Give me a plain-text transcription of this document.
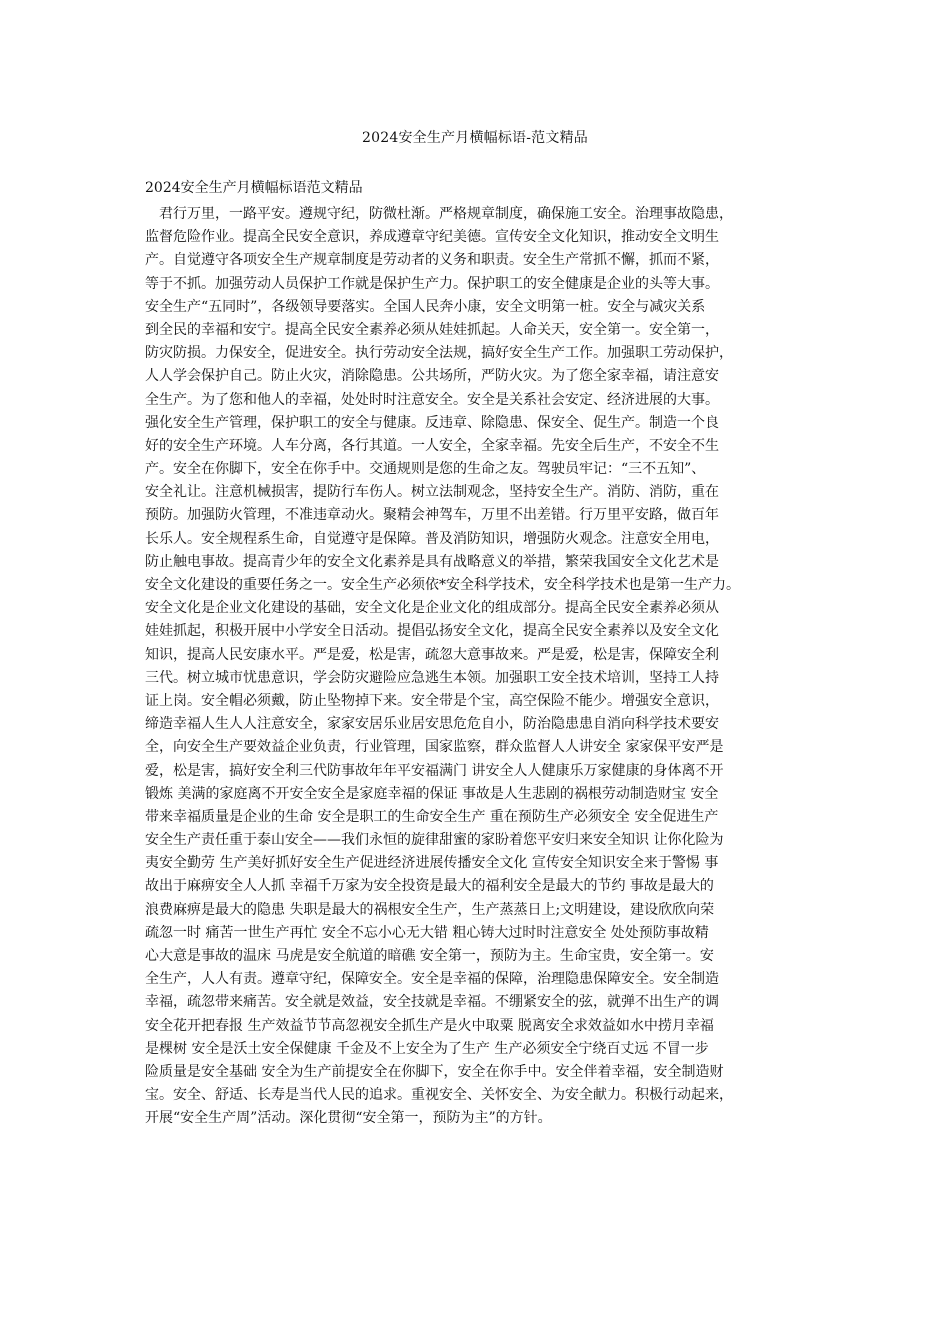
2024安全生产月横幅标语-范文精品
2024安全生产月横幅标语范文精品
　君行万里，一路平安。遵规守纪，防微杜渐。严格规章制度，确保施工安全。治理事故隐患，
监督危险作业。提高全民安全意识，养成遵章守纪美德。宣传安全文化知识，推动安全文明生
产。自觉遵守各项安全生产规章制度是劳动者的义务和职责。安全生产常抓不懈，抓而不紧，
等于不抓。加强劳动人员保护工作就是保护生产力。保护职工的安全健康是企业的头等大事。
安全生产“五同时”，各级领导要落实。全国人民奔小康，安全文明第一桩。安全与减灾关系
到全民的幸福和安宁。提高全民安全素养必须从娃娃抓起。人命关天，安全第一。安全第一，
防灾防损。力保安全，促进安全。执行劳动安全法规，搞好安全生产工作。加强职工劳动保护，
人人学会保护自己。防止火灾，消除隐患。公共场所，严防火灾。为了您全家幸福，请注意安
全生产。为了您和他人的幸福，处处时时注意安全。安全是关系社会安定、经济进展的大事。
强化安全生产管理，保护职工的安全与健康。反违章、除隐患、保安全、促生产。制造一个良
好的安全生产环境。人车分离，各行其道。一人安全，全家幸福。先安全后生产，不安全不生
产。安全在你脚下，安全在你手中。交通规则是您的生命之友。驾驶员牢记：“三不五知”、
安全礼让。注意机械损害，提防行车伤人。树立法制观念，坚持安全生产。消防、消防，重在
预防。加强防火管理，不准违章动火。聚精会神驾车，万里不出差错。行万里平安路，做百年
长乐人。安全规程系生命，自觉遵守是保障。普及消防知识，增强防火观念。注意安全用电，
防止触电事故。提高青少年的安全文化素养是具有战略意义的举措，繁荣我国安全文化艺术是
安全文化建设的重要任务之一。安全生产必须依*安全科学技术，安全科学技术也是第一生产力。
安全文化是企业文化建设的基础，安全文化是企业文化的组成部分。提高全民安全素养必须从
娃娃抓起，积极开展中小学安全日活动。提倡弘扬安全文化，提高全民安全素养以及安全文化
知识，提高人民安康水平。严是爱，松是害，疏忽大意事故来。严是爱，松是害，保障安全利
三代。树立城市忧患意识，学会防灾避险应急逃生本领。加强职工安全技术培训，坚持工人持
证上岗。安全帽必须戴，防止坠物掉下来。安全带是个宝，高空保险不能少。增强安全意识，
缔造幸福人生人人注意安全，家家安居乐业居安思危危自小，防治隐患患自消向科学技术要安
全，向安全生产要效益企业负责，行业管理，国家监察，群众监督人人讲安全 家家保平安严是
爱，松是害，搞好安全利三代防事故年年平安福满门 讲安全人人健康乐万家健康的身体离不开
锻炼 美满的家庭离不开安全安全是家庭幸福的保证 事故是人生悲剧的祸根劳动制造财宝 安全
带来幸福质量是企业的生命 安全是职工的生命安全生产 重在预防生产必须安全 安全促进生产
安全生产责任重于泰山安全——我们永恒的旋律甜蜜的家盼着您平安归来安全知识 让你化险为
夷安全勤劳 生产美好抓好安全生产促进经济进展传播安全文化 宣传安全知识安全来于警惕 事
故出于麻痹安全人人抓 幸福千万家为安全投资是最大的福利安全是最大的节约 事故是最大的
浪费麻痹是最大的隐患 失职是最大的祸根安全生产，生产蒸蒸日上;文明建设，建设欣欣向荣
疏忽一时 痛苦一世生产再忙 安全不忘小心无大错 粗心铸大过时时注意安全 处处预防事故精
心大意是事故的温床 马虎是安全航道的暗礁 安全第一，预防为主。生命宝贵，安全第一。安
全生产，人人有责。遵章守纪，保障安全。安全是幸福的保障，治理隐患保障安全。安全制造
幸福，疏忽带来痛苦。安全就是效益，安全技就是幸福。不绷紧安全的弦，就弹不出生产的调
安全花开把春报 生产效益节节高忽视安全抓生产是火中取粟 脱离安全求效益如水中捞月幸福
是棵树 安全是沃土安全保健康 千金及不上安全为了生产 生产必须安全宁绕百丈远 不冒一步
险质量是安全基础 安全为生产前提安全在你脚下，安全在你手中。安全伴着幸福，安全制造财
宝。安全、舒适、长寿是当代人民的追求。重视安全、关怀安全、为安全献力。积极行动起来，
开展“安全生产周”活动。深化贯彻“安全第一，预防为主”的方针。
